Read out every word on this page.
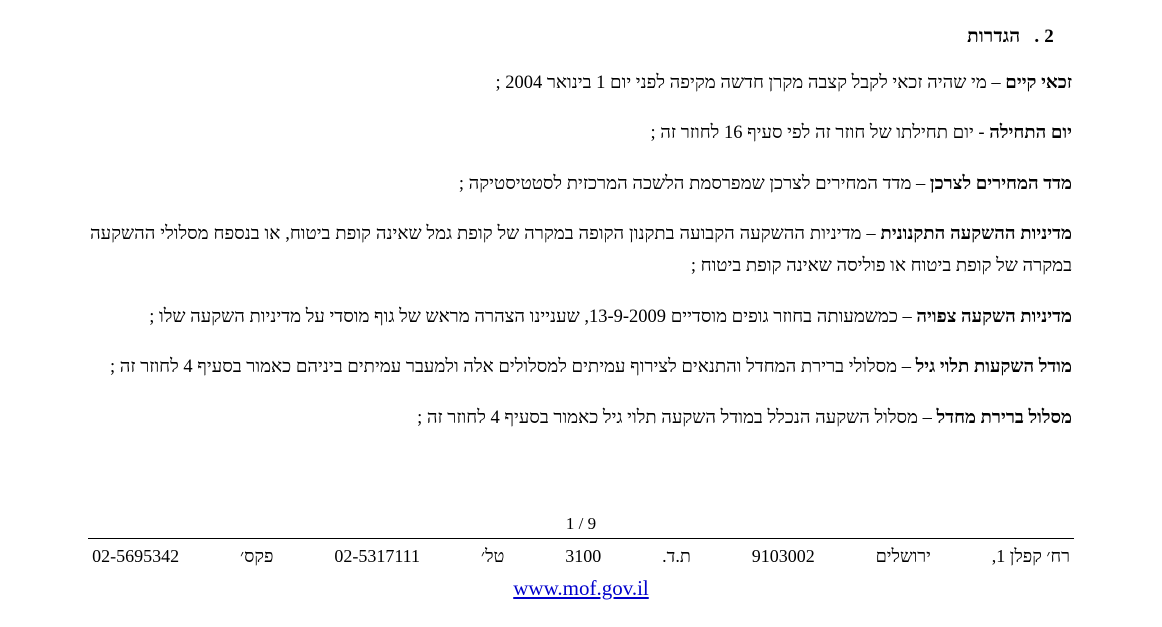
2 .הגדרות

זכאי קיים – מי שהיה זכאי לקבל קצבה מקרן חדשה מקיפה לפני יום 1 בינואר 2004 ;

יום התחילה - יום תחילתו של חוזר זה לפי סעיף 16 לחוזר זה ;

מדד המחירים לצרכן – מדד המחירים לצרכן שמפרסמת הלשכה המרכזית לסטטיסטיקה ;

מדיניות ההשקעה התקנונית – מדיניות ההשקעה הקבועה בתקנון הקופה במקרה של קופת גמל שאינה קופת ביטוח, או בנספח מסלולי ההשקעה במקרה של קופת ביטוח או פוליסה שאינה קופת ביטוח ;

מדיניות השקעה צפויה – כמשמעותה בחוזר גופים מוסדיים 13-9-2009, שעניינו הצהרה מראש של גוף מוסדי על מדיניות השקעה שלו ;

מודל השקעות תלוי גיל – מסלולי ברירת המחדל והתנאים לצירוף עמיתים למסלולים אלה ולמעבר עמיתים ביניהם כאמור בסעיף 4 לחוזר זה ;

מסלול ברירת מחדל – מסלול השקעה הנכלל במודל השקעה תלוי גיל כאמור בסעיף 4 לחוזר זה ;

1 / 9
רח׳ קפלן 1,
ירושלים
9103002
ת.ד.
3100
טל׳
02-5317111
פקס׳
02-5695342
www.mof.gov.il
